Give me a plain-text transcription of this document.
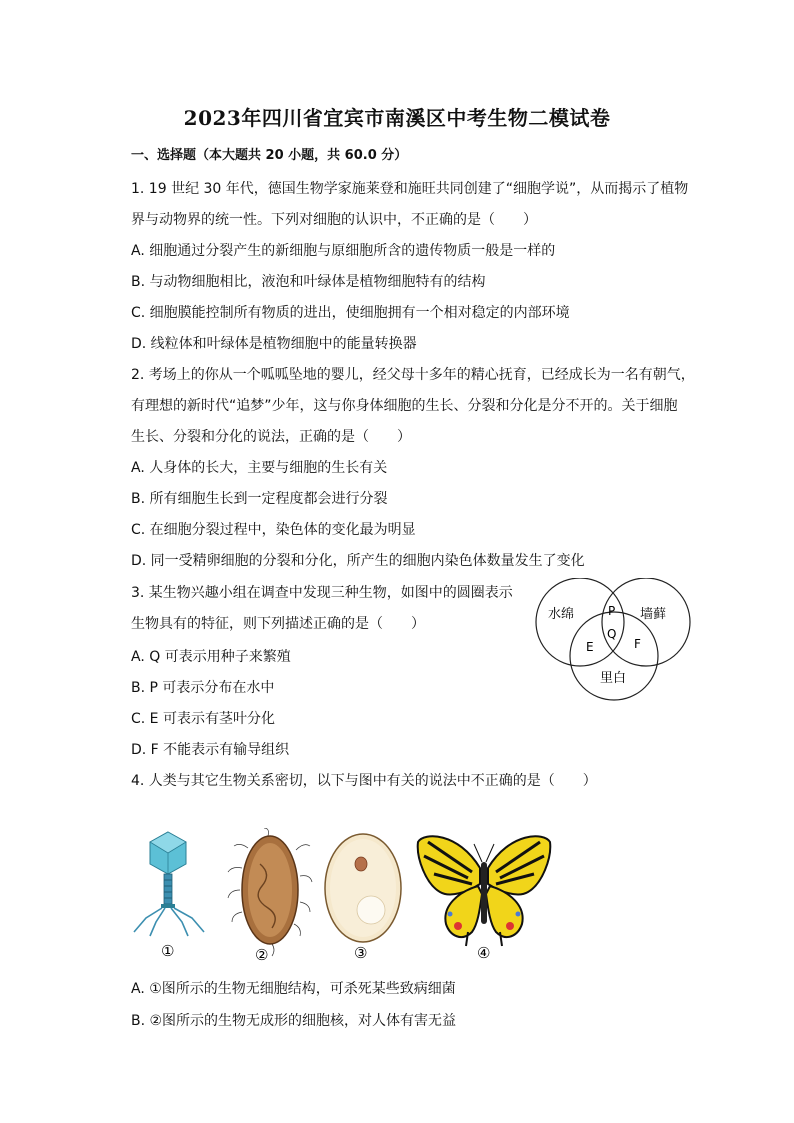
2023年四川省宜宾市南溪区中考生物二模试卷
一、选择题（本大题共 20 小题，共 60.0 分）
1. 19 世纪 30 年代，德国生物学家施莱登和施旺共同创建了“细胞学说”，从而揭示了植物
界与动物界的统一性。下列对细胞的认识中，不正确的是（　　）
A. 细胞通过分裂产生的新细胞与原细胞所含的遗传物质一般是一样的
B. 与动物细胞相比，液泡和叶绿体是植物细胞特有的结构
C. 细胞膜能控制所有物质的进出，使细胞拥有一个相对稳定的内部环境
D. 线粒体和叶绿体是植物细胞中的能量转换器
2. 考场上的你从一个呱呱坠地的婴儿，经父母十多年的精心抚育，已经成长为一名有朝气，
有理想的新时代“追梦”少年，这与你身体细胞的生长、分裂和分化是分不开的。关于细胞
生长、分裂和分化的说法，正确的是（　　）
A. 人身体的长大，主要与细胞的生长有关
B. 所有细胞生长到一定程度都会进行分裂
C. 在细胞分裂过程中，染色体的变化最为明显
D. 同一受精卵细胞的分裂和分化，所产生的细胞内染色体数量发生了变化
3. 某生物兴趣小组在调查中发现三种生物，如图中的圆圈表示
生物具有的特征，则下列描述正确的是（　　）
A. Q 可表示用种子来繁殖
B. P 可表示分布在水中
C. E 可表示有茎叶分化
D. F 不能表示有输导组织
水绵	墙藓
里白
P
Q
E	F
4. 人类与其它生物关系密切，以下与图中有关的说法中不正确的是（　　）
①	②	③	④
A. ①图所示的生物无细胞结构，可杀死某些致病细菌
B. ②图所示的生物无成形的细胞核，对人体有害无益
